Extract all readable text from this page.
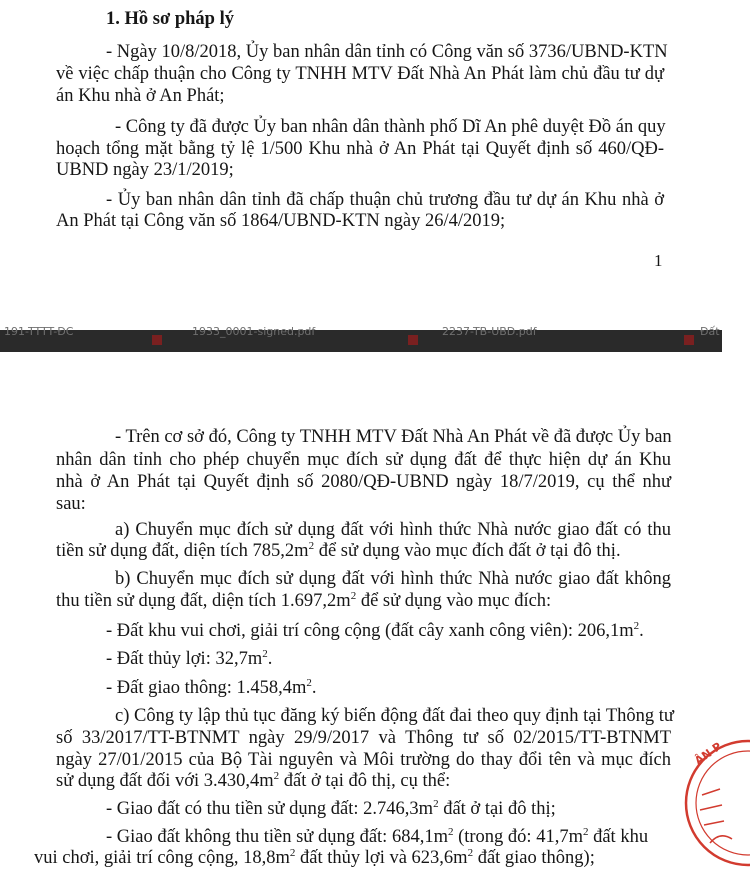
1. Hồ sơ pháp lý
- Ngày 10/8/2018, Ủy ban nhân dân tỉnh có Công văn số 3736/UBND-KTN
về việc chấp thuận cho Công ty TNHH MTV Đất Nhà An Phát làm chủ đầu tư dự
án Khu nhà ở An Phát;
- Công ty đã được Ủy ban nhân dân thành phố Dĩ An phê duyệt Đồ án quy
hoạch tổng mặt bằng tỷ lệ 1/500 Khu nhà ở An Phát tại Quyết định số 460/QĐ-
UBND ngày 23/1/2019;
- Ủy ban nhân dân tỉnh đã chấp thuận chủ trương đầu tư dự án Khu nhà ở
An Phát tại Công văn số 1864/UBND-KTN ngày 26/4/2019;
1
191-TTTT-ĐC	1933_0001-signed.pdf	2237-TB-UBD.pdf	Đất
- Trên cơ sở đó, Công ty TNHH MTV Đất Nhà An Phát về đã được Ủy ban
nhân dân tỉnh cho phép chuyển mục đích sử dụng đất để thực hiện dự án Khu
nhà ở An Phát tại Quyết định số 2080/QĐ-UBND ngày 18/7/2019, cụ thể như
sau:
a) Chuyển mục đích sử dụng đất với hình thức Nhà nước giao đất có thu
tiền sử dụng đất, diện tích $785,2m^2$ để sử dụng vào mục đích đất ở tại đô thị.
b) Chuyển mục đích sử dụng đất với hình thức Nhà nước giao đất không
thu tiền sử dụng đất, diện tích $1.697,2m^2$ để sử dụng vào mục đích:
- Đất khu vui chơi, giải trí công cộng (đất cây xanh công viên): $206,1m^2$.
- Đất thủy lợi: $32,7m^2$.
- Đất giao thông: $1.458,4m^2$.
c) Công ty lập thủ tục đăng ký biến động đất đai theo quy định tại Thông tư
số 33/2017/TT-BTNMT ngày 29/9/2017 và Thông tư số 02/2015/TT-BTNMT
ngày 27/01/2015 của Bộ Tài nguyên và Môi trường do thay đổi tên và mục đích
sử dụng đất đối với $3.430,4m^2$ đất ở tại đô thị, cụ thể:
- Giao đất có thu tiền sử dụng đất: $2.746,3m^2$ đất ở tại đô thị;
- Giao đất không thu tiền sử dụng đất: $684,1m^2$ (trong đó: $41,7m^2$ đất khu
vui chơi, giải trí công cộng, $18,8m^2$ đất thủy lợi và $623,6m^2$ đất giao thông);
ÂN P
